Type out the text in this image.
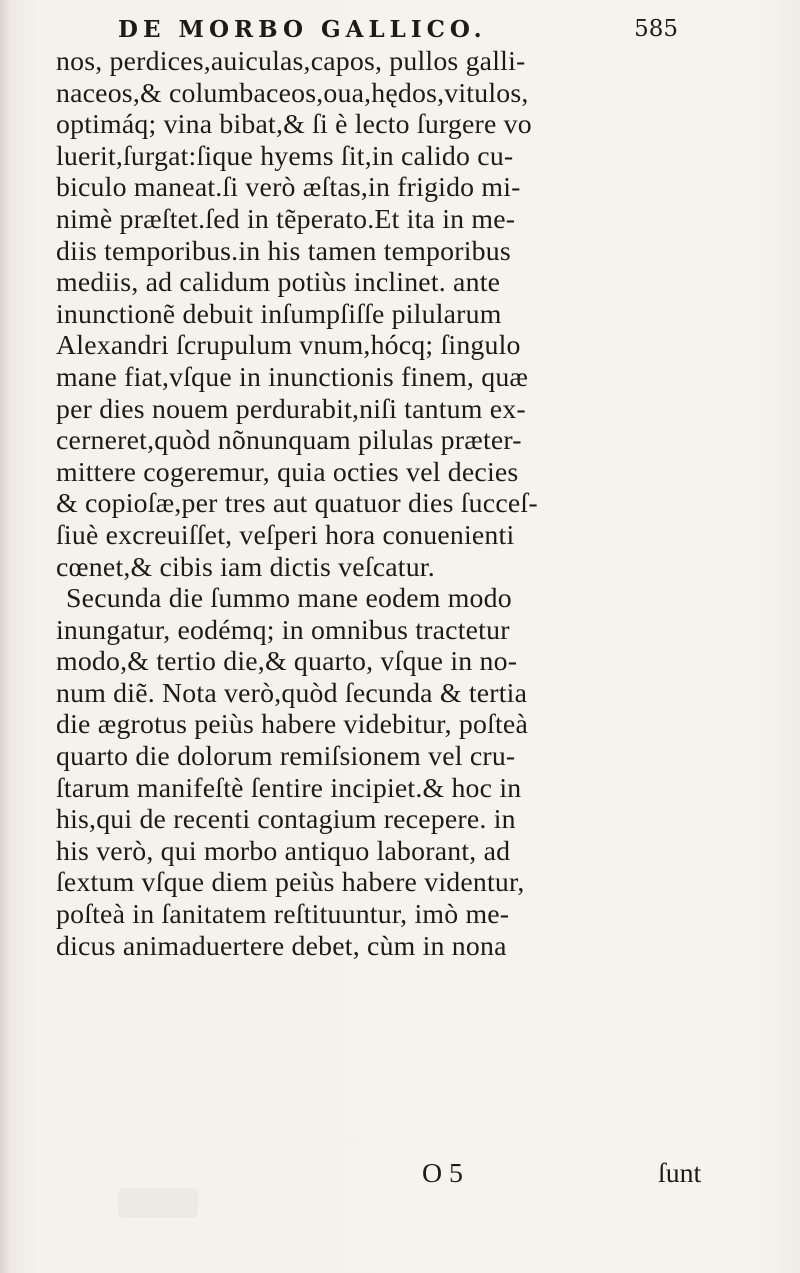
DE MORBO GALLICO.	585
nos, perdices,auiculas,capos, pullos galli-
naceos,& columbaceos,oua,hędos,vitulos,
optimáq; vina bibat,& ſi è lecto ſurgere vo
luerit,ſurgat:ſique hyems ſit,in calido cu-
biculo maneat.ſi verò æſtas,in frigido mi-
nimè præſtet.ſed in tẽperato.Et ita in me-
diis temporibus.in his tamen temporibus
mediis, ad calidum potiùs inclinet. ante
inunctionẽ debuit inſumpſiſſe pilularum
Alexandri ſcrupulum vnum,hócq; ſingulo
mane fiat,vſque in inunctionis finem, quæ
per dies nouem perdurabit,niſi tantum ex-
cerneret,quòd nõnunquam pilulas præter-
mittere cogeremur, quia octies vel decies
& copioſæ,per tres aut quatuor dies ſucceſ-
ſiuè excreuiſſet, veſperi hora conuenienti
cœnet,& cibis iam dictis veſcatur.
Secunda die ſummo mane eodem modo
inungatur, eodémq; in omnibus tractetur
modo,& tertio die,& quarto, vſque in no-
num diẽ. Nota verò,quòd ſecunda & tertia
die ægrotus peiùs habere videbitur, poſteà
quarto die dolorum remiſsionem vel cru-
ſtarum manifeſtè ſentire incipiet.& hoc in
his,qui de recenti contagium recepere. in
his verò, qui morbo antiquo laborant, ad
ſextum vſque diem peiùs habere videntur,
poſteà in ſanitatem reſtituuntur, imò me-
dicus animaduertere debet, cùm in nona
O 5	ſunt
